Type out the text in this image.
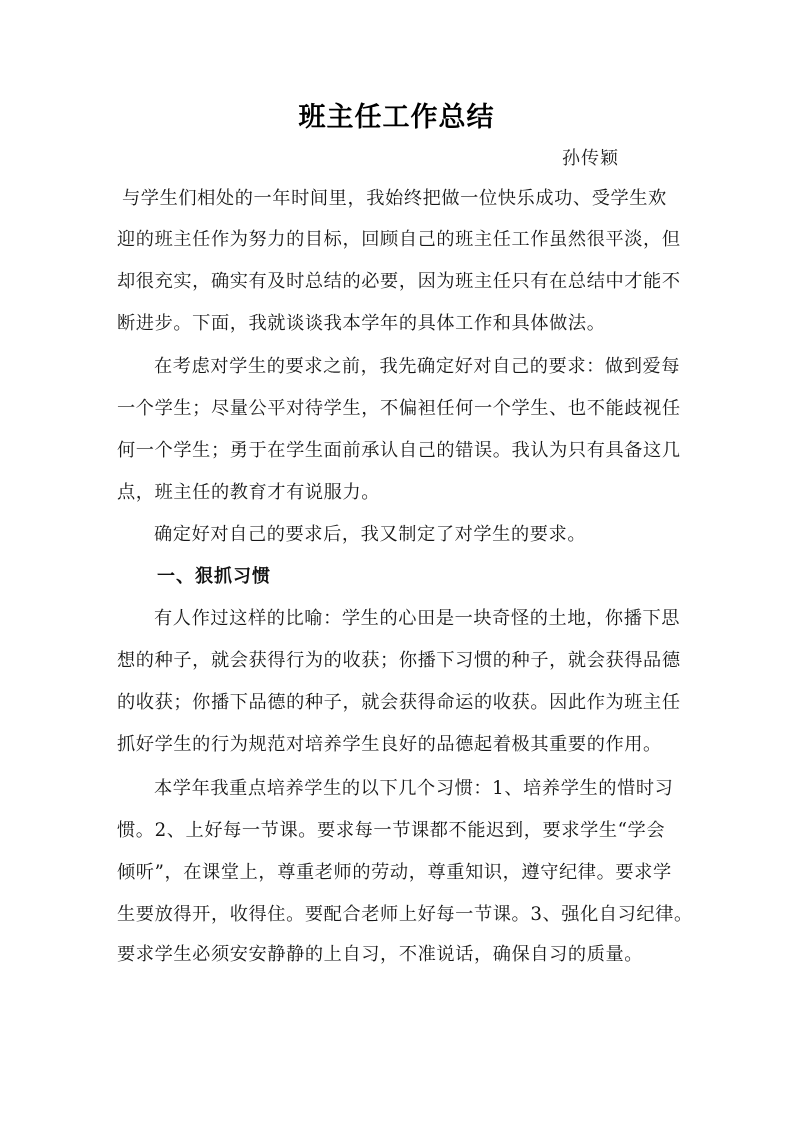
班主任工作总结
孙传颖
与学生们相处的一年时间里，我始终把做一位快乐成功、受学生欢
迎的班主任作为努力的目标，回顾自己的班主任工作虽然很平淡，但
却很充实，确实有及时总结的必要，因为班主任只有在总结中才能不
断进步。下面，我就谈谈我本学年的具体工作和具体做法。
在考虑对学生的要求之前，我先确定好对自己的要求：做到爱每
一个学生；尽量公平对待学生，不偏袒任何一个学生、也不能歧视任
何一个学生；勇于在学生面前承认自己的错误。我认为只有具备这几
点，班主任的教育才有说服力。
确定好对自己的要求后，我又制定了对学生的要求。
一、狠抓习惯
有人作过这样的比喻：学生的心田是一块奇怪的土地，你播下思
想的种子，就会获得行为的收获；你播下习惯的种子，就会获得品德
的收获；你播下品德的种子，就会获得命运的收获。因此作为班主任
抓好学生的行为规范对培养学生良好的品德起着极其重要的作用。
本学年我重点培养学生的以下几个习惯：1、培养学生的惜时习
惯。2、上好每一节课。要求每一节课都不能迟到，要求学生“学会
倾听”，在课堂上，尊重老师的劳动，尊重知识，遵守纪律。要求学
生要放得开，收得住。要配合老师上好每一节课。3、强化自习纪律。
要求学生必须安安静静的上自习，不准说话，确保自习的质量。
